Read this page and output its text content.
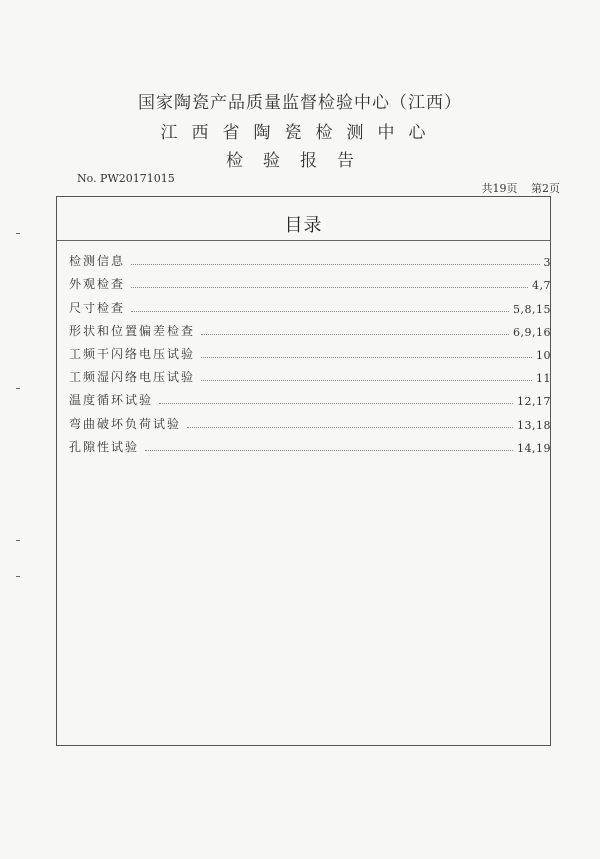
国家陶瓷产品质量监督检验中心（江西）
江西省陶瓷检测中心
检验报告
No. PW20171015
共19页 第2页
目录
检测信息	3
外观检查	4,7
尺寸检查	5,8,15
形状和位置偏差检查	6,9,16
工频干闪络电压试验	10
工频湿闪络电压试验	11
温度循环试验	12,17
弯曲破坏负荷试验	13,18
孔隙性试验	14,19
